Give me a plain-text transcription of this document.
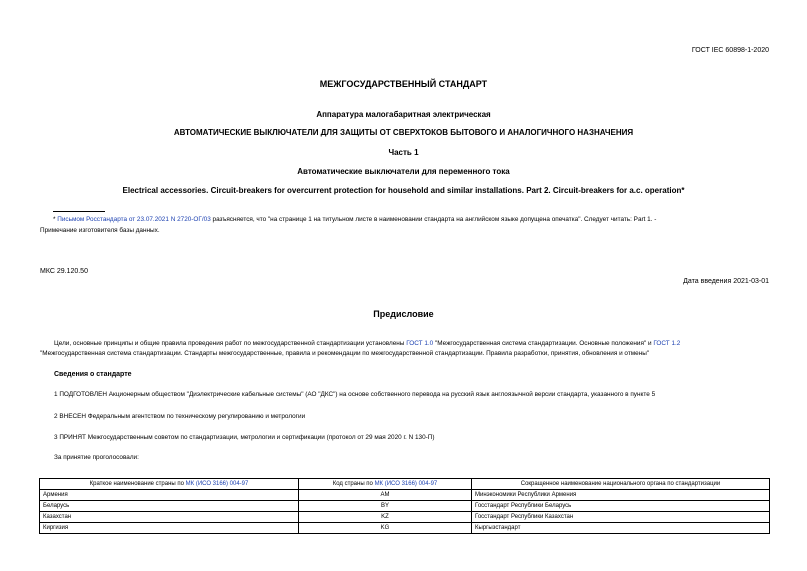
ГОСТ IEC 60898-1-2020
МЕЖГОСУДАРСТВЕННЫЙ СТАНДАРТ
Аппаратура малогабаритная электрическая
АВТОМАТИЧЕСКИЕ ВЫКЛЮЧАТЕЛИ ДЛЯ ЗАЩИТЫ ОТ СВЕРХТОКОВ БЫТОВОГО И АНАЛОГИЧНОГО НАЗНАЧЕНИЯ
Часть 1
Автоматические выключатели для переменного тока
Electrical accessories. Circuit-breakers for overcurrent protection for household and similar installations. Part 2. Circuit-breakers for a.c. operation*
* Письмом Росстандарта от 23.07.2021 N 2720-ОГ/03 разъясняется, что "на странице 1 на титульном листе в наименовании стандарта на английском языке допущена опечатка". Следует читать: Part 1. -
Примечание изготовителя базы данных.
МКС 29.120.50
Дата введения 2021-03-01
Предисловие
Цели, основные принципы и общие правила проведения работ по межгосударственной стандартизации установлены ГОСТ 1.0 "Межгосударственная система стандартизации. Основные положения" и ГОСТ 1.2
"Межгосударственная система стандартизации. Стандарты межгосударственные, правила и рекомендации по межгосударственной стандартизации. Правила разработки, принятия, обновления и отмены"
Сведения о стандарте
1 ПОДГОТОВЛЕН Акционерным обществом "Диэлектрические кабельные системы" (АО "ДКС") на основе собственного перевода на русский язык англоязычной версии стандарта, указанного в пункте 5
2 ВНЕСЕН Федеральным агентством по техническому регулированию и метрологии
3 ПРИНЯТ Межгосударственным советом по стандартизации, метрологии и сертификации (протокол от 29 мая 2020 г. N 130-П)
За принятие проголосовали:
Краткое наименование страны по МК (ИСО 3166) 004-97	Код страны по МК (ИСО 3166) 004-97	Сокращенное наименование национального органа по стандартизации
Армения	AM	Минэкономики Республики Армения
Беларусь	BY	Госстандарт Республики Беларусь
Казахстан	KZ	Госстандарт Республики Казахстан
Киргизия	KG	Кыргызстандарт
